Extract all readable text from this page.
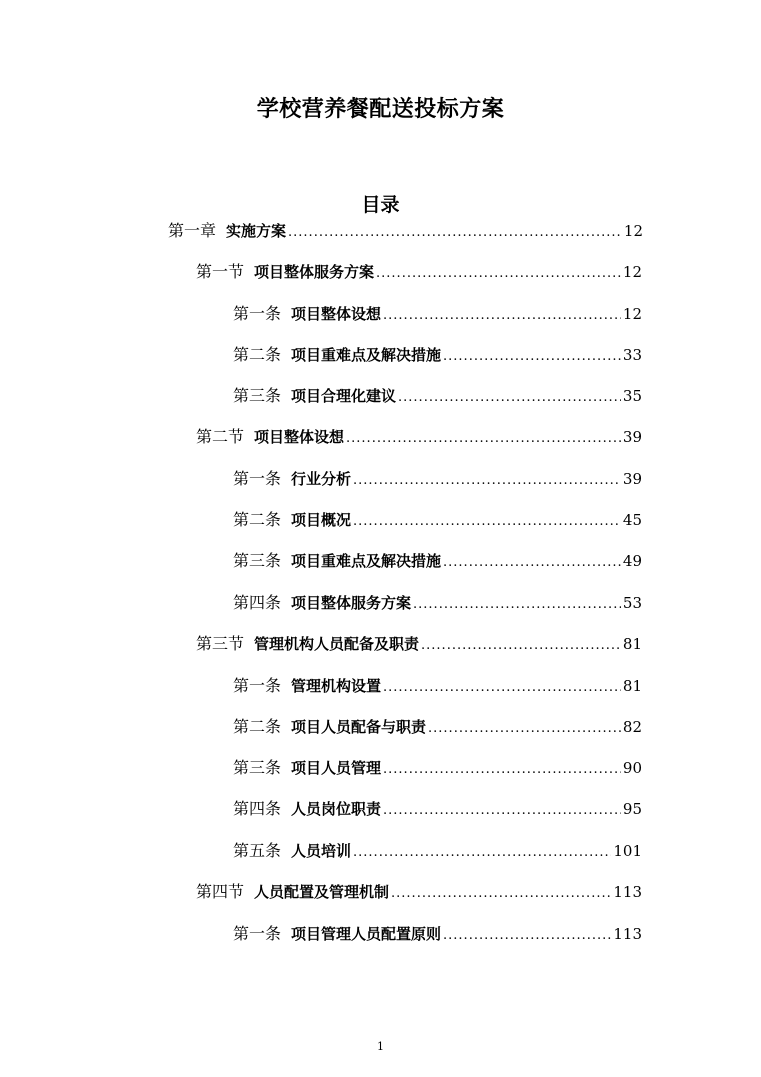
学校营养餐配送投标方案
目录
第一章 实施方案 .....	12
第一节 项目整体服务方案 .....	12
第一条 项目整体设想 .....	12
第二条 项目重难点及解决措施 .....	33
第三条 项目合理化建议 .....	35
第二节 项目整体设想 .....	39
第一条 行业分析 .....	39
第二条 项目概况 .....	45
第三条 项目重难点及解决措施 .....	49
第四条 项目整体服务方案 .....	53
第三节 管理机构人员配备及职责 .....	81
第一条 管理机构设置 .....	81
第二条 项目人员配备与职责 .....	82
第三条 项目人员管理 .....	90
第四条 人员岗位职责 .....	95
第五条 人员培训 .....	101
第四节 人员配置及管理机制 .....	113
第一条 项目管理人员配置原则 .....	113
1
